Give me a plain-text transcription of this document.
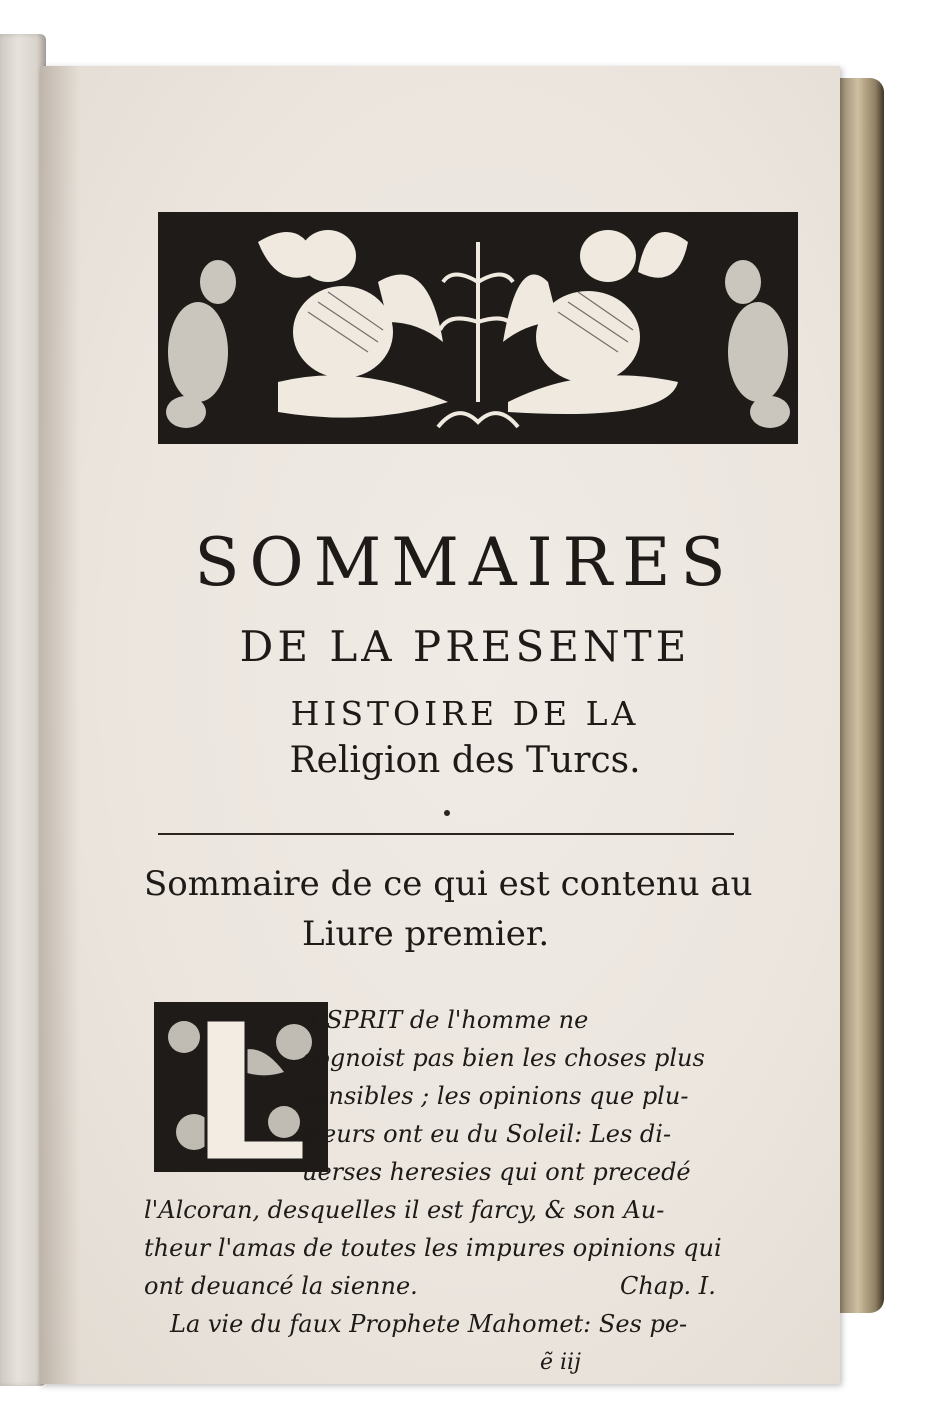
SOMMAIRES
DE LA PRESENTE
HISTOIRE DE LA
Religion des Turcs.
Sommaire de ce qui est contenu au
Liure premier.
'ESPRIT de l'homme ne
cognoist pas bien les choses plus
sensibles ; les opinions que plu-
sieurs ont eu du Soleil: Les di-
uerses heresies qui ont precedé
l'Alcoran, desquelles il est farcy, & son Au-
theur l'amas de toutes les impures opinions qui
ont deuancé la sienne.	Chap. I.
La vie du faux Prophete Mahomet: Ses pe-
ẽ iij
